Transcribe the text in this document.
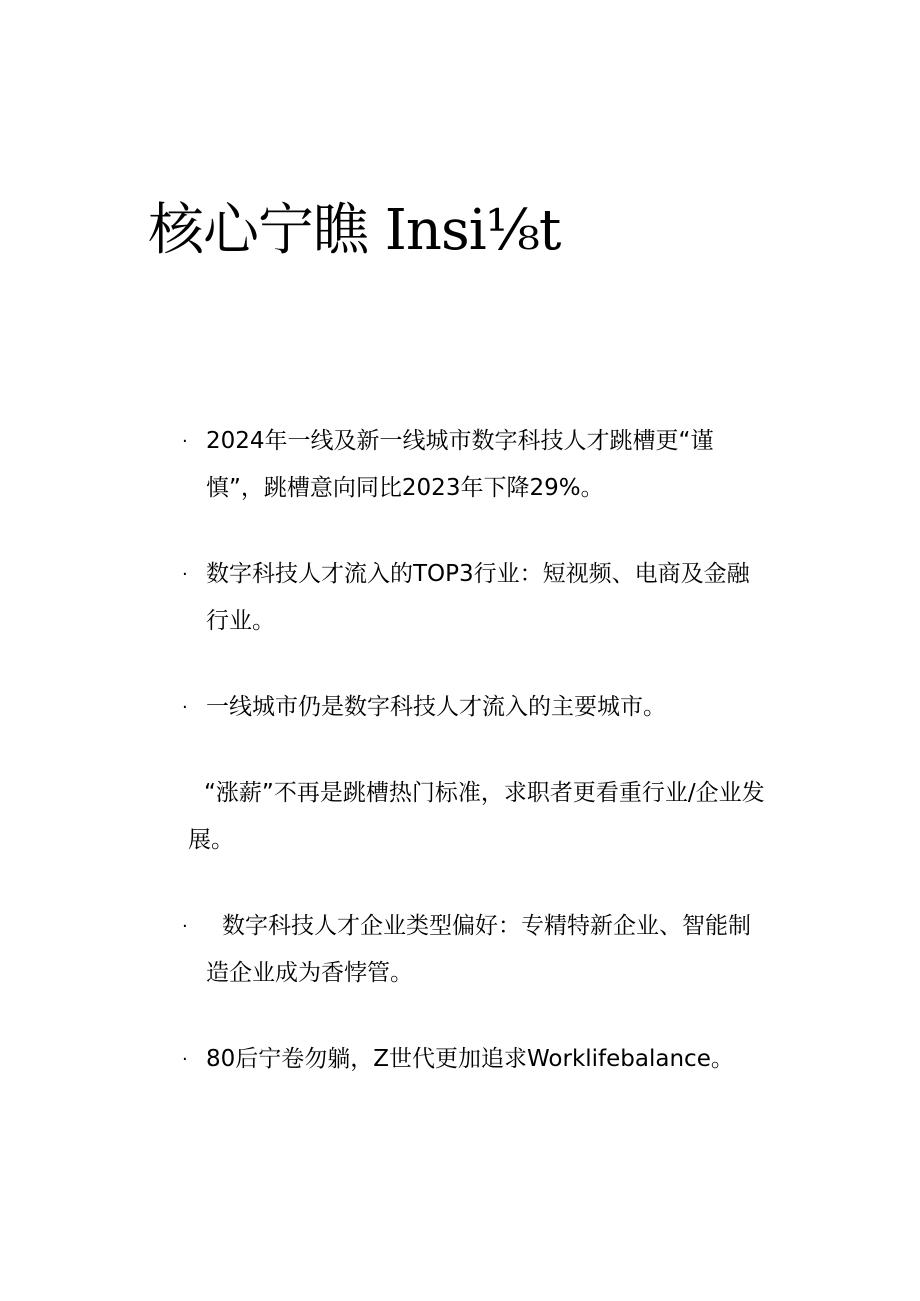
核心宁瞧 Insi⅛t
· 2024年一线及新一线城市数字科技人才跳槽更“谨慎”，跳槽意向同比2023年下降29%。
· 数字科技人才流入的TOP3行业：短视频、电商及金融行业。
· 一线城市仍是数字科技人才流入的主要城市。
“涨薪”不再是跳槽热门标准，求职者更看重行业/企业发展。
· 数字科技人才企业类型偏好：专精特新企业、智能制造企业成为香悖管。
· 80后宁卷勿躺，Z世代更加追求Worklifebalance。
